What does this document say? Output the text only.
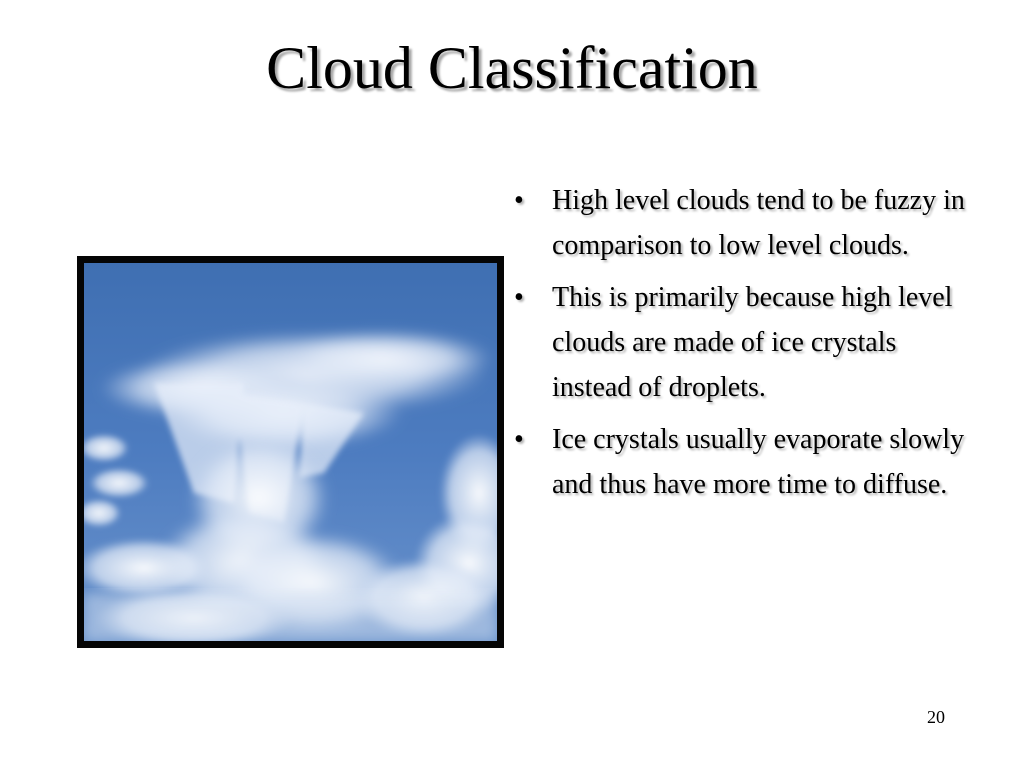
Cloud Classification
• High level clouds tend to be fuzzy in comparison to low level clouds.
• This is primarily because high level clouds are made of ice crystals instead of droplets.
• Ice crystals usually evaporate slowly and thus have more time to diffuse.
20
